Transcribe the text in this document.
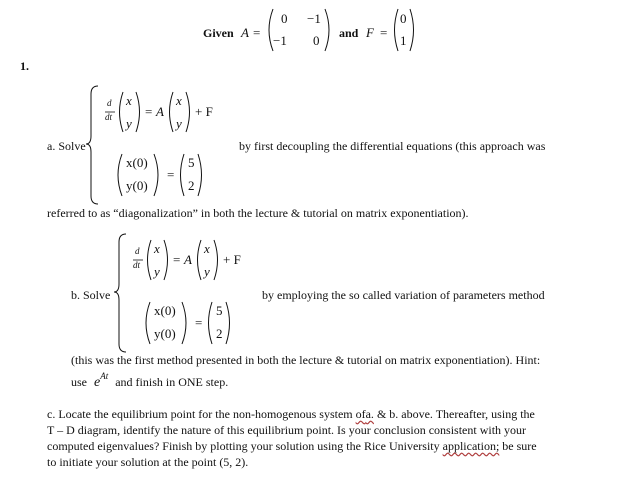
Given A =
0 −1
−1 0 and F =
0
1
1.
d
dt
x
y
= A
x
y
+ F
x(0)
y(0)
=
5
2
a. Solve	by first decoupling the differential equations (this approach was
referred to as “diagonalization” in both the lecture & tutorial on matrix exponentiation).
d
dt
x
y
= A
x
y
+ F
x(0)
y(0)
=
5
2
b. Solve	by employing the so called variation of parameters method
(this was the first method presented in both the lecture & tutorial on matrix exponentiation). Hint:
use $e^{At}$ and finish in ONE step.
c. Locate the equilibrium point for the non-homogenous system ofa. & b. above. Thereafter, using the
T – D diagram, identify the nature of this equilibrium point. Is your conclusion consistent with your
computed eigenvalues? Finish by plotting your solution using the Rice University application; be sure
to initiate your solution at the point (5, 2).
